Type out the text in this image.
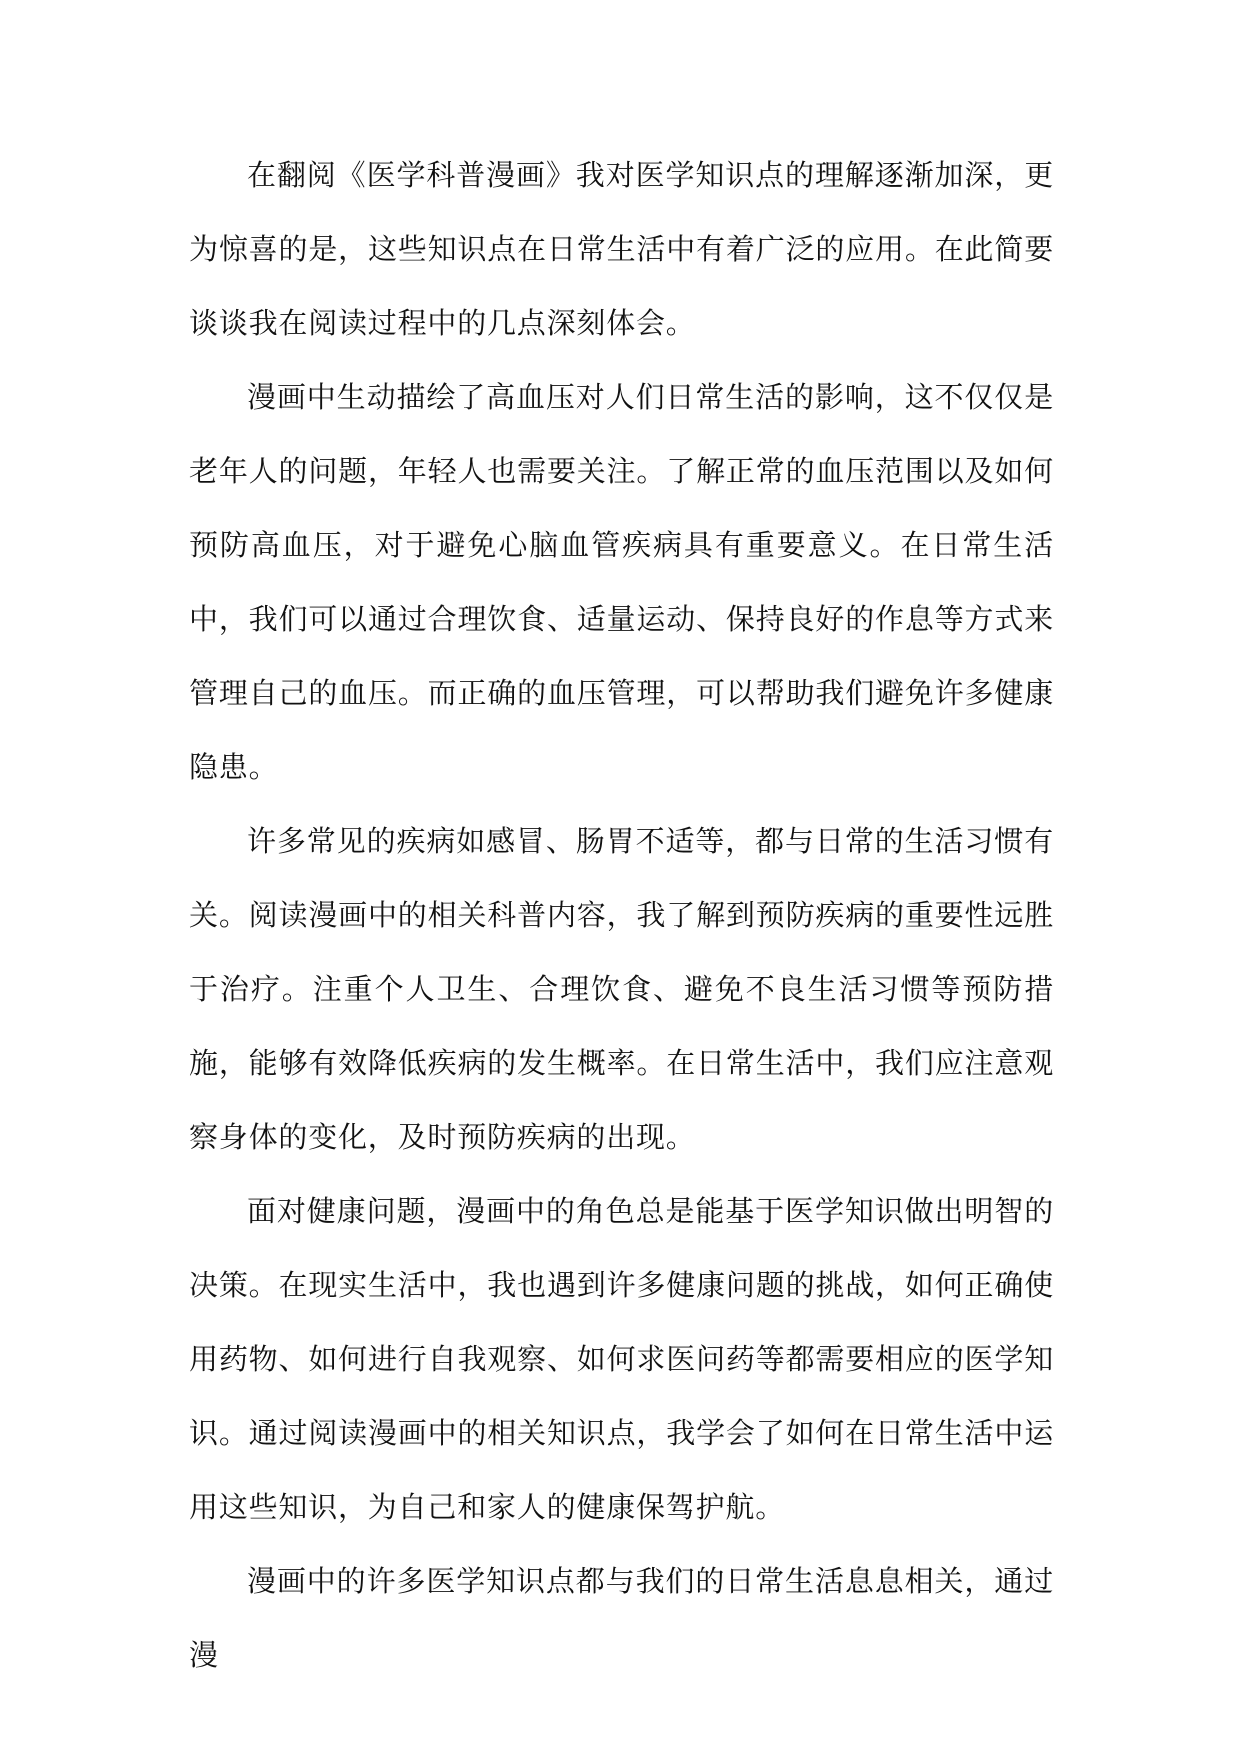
在翻阅《医学科普漫画》我对医学知识点的理解逐渐加深，更为惊喜的是，这些知识点在日常生活中有着广泛的应用。在此简要谈谈我在阅读过程中的几点深刻体会。

漫画中生动描绘了高血压对人们日常生活的影响，这不仅仅是老年人的问题，年轻人也需要关注。了解正常的血压范围以及如何预防高血压，对于避免心脑血管疾病具有重要意义。在日常生活中，我们可以通过合理饮食、适量运动、保持良好的作息等方式来管理自己的血压。而正确的血压管理，可以帮助我们避免许多健康隐患。

许多常见的疾病如感冒、肠胃不适等，都与日常的生活习惯有关。阅读漫画中的相关科普内容，我了解到预防疾病的重要性远胜于治疗。注重个人卫生、合理饮食、避免不良生活习惯等预防措施，能够有效降低疾病的发生概率。在日常生活中，我们应注意观察身体的变化，及时预防疾病的出现。

面对健康问题，漫画中的角色总是能基于医学知识做出明智的决策。在现实生活中，我也遇到许多健康问题的挑战，如何正确使用药物、如何进行自我观察、如何求医问药等都需要相应的医学知识。通过阅读漫画中的相关知识点，我学会了如何在日常生活中运用这些知识，为自己和家人的健康保驾护航。

漫画中的许多医学知识点都与我们的日常生活息息相关，通过漫
